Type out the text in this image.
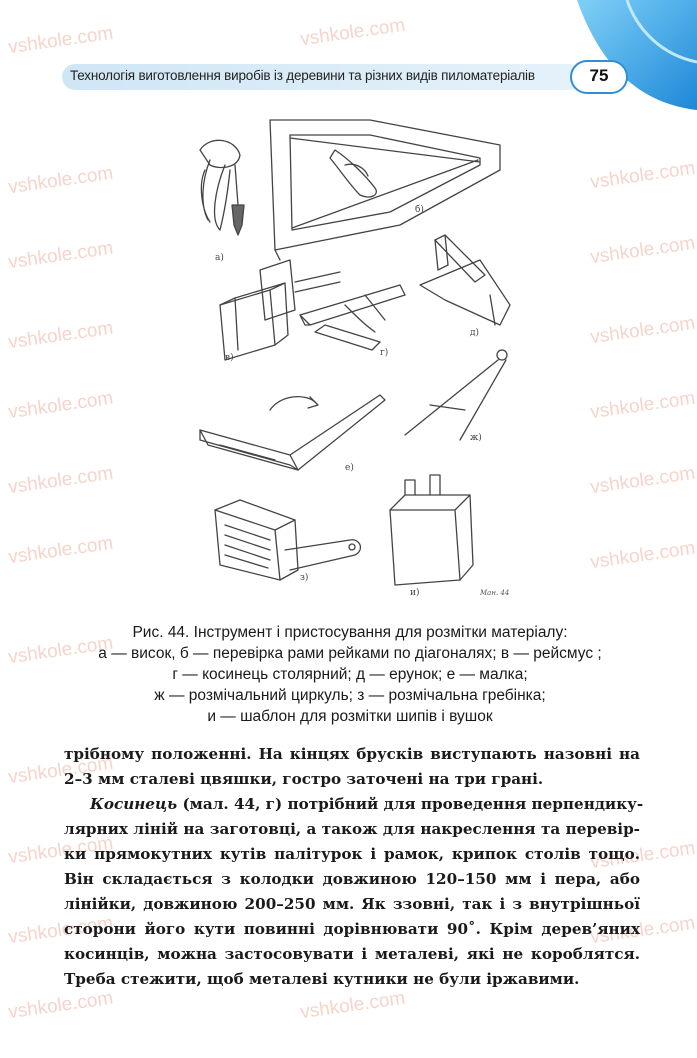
Технологія виготовлення виробів із деревини та різних видів пиломатеріалів	75
vshkole.com	vshkole.com
vshkole.com	vshkole.com
vshkole.com	vshkole.com
vshkole.com	vshkole.com
vshkole.com	vshkole.com
vshkole.com	vshkole.com
vshkole.com	vshkole.com
vshkole.com
vshkole.com
vshkole.com	vshkole.com
vshkole.com	vshkole.com
vshkole.com	vshkole.com
а)
б)
в)	г)
д)
е)
ж)
з)
и)	Ман. 44
Рис. 44. Інструмент і пристосування для розмітки матеріалу:
а — висок, б — перевірка рами рейками по діагоналях; в — рейсмус ;
г — косинець столярний; д — ерунок; е — малка;
ж — розмічальний циркуль; з — розмічальна гребінка;
и — шаблон для розмітки шипів і вушок
трібному положенні. На кінцях брусків виступають назовні на
2–3 мм сталеві цвяшки, гостро заточені на три грані.
Косинець (мал. 44, г) потрібний для проведення перпендику-
лярних ліній на заготовці, а також для накреслення та перевір-
ки прямокутних кутів палітурок і рамок, крипок столів тощо.
Він складається з колодки довжиною 120–150 мм і пера, або
лінійки, довжиною 200–250 мм. Як ззовні, так і з внутрішньої
сторони його кути повинні дорівнювати 90˚. Крім дерев’яних
косинців, можна застосовувати і металеві, які не короблятся.
Треба стежити, щоб металеві кутники не були іржавими.
